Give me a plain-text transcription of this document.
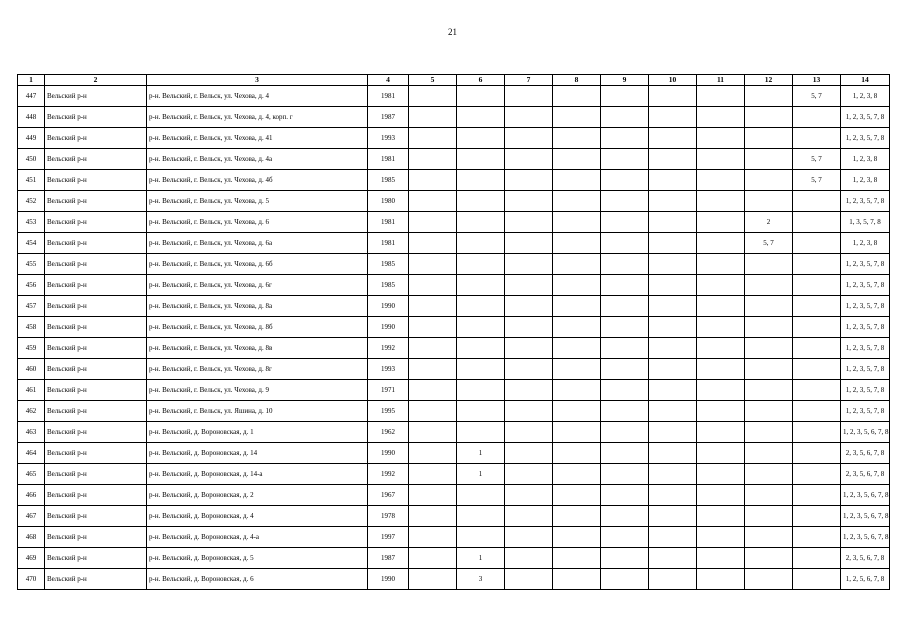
21
1	2	3	4	5	6	7	8	9	10	11	12	13	14
447	Вельский р-н	р-н. Вельский, г. Вельск, ул. Чехова, д. 4	1981									5, 7	1, 2, 3, 8
448	Вельский р-н	р-н. Вельский, г. Вельск, ул. Чехова, д. 4, корп. г	1987										1, 2, 3, 5, 7, 8
449	Вельский р-н	р-н. Вельский, г. Вельск, ул. Чехова, д. 41	1993										1, 2, 3, 5, 7, 8
450	Вельский р-н	р-н. Вельский, г. Вельск, ул. Чехова, д. 4а	1981									5, 7	1, 2, 3, 8
451	Вельский р-н	р-н. Вельский, г. Вельск, ул. Чехова, д. 4б	1985									5, 7	1, 2, 3, 8
452	Вельский р-н	р-н. Вельский, г. Вельск, ул. Чехова, д. 5	1980										1, 2, 3, 5, 7, 8
453	Вельский р-н	р-н. Вельский, г. Вельск, ул. Чехова, д. 6	1981								2		1, 3, 5, 7, 8
454	Вельский р-н	р-н. Вельский, г. Вельск, ул. Чехова, д. 6а	1981								5, 7		1, 2, 3, 8
455	Вельский р-н	р-н. Вельский, г. Вельск, ул. Чехова, д. 6б	1985										1, 2, 3, 5, 7, 8
456	Вельский р-н	р-н. Вельский, г. Вельск, ул. Чехова, д. 6г	1985										1, 2, 3, 5, 7, 8
457	Вельский р-н	р-н. Вельский, г. Вельск, ул. Чехова, д. 8а	1990										1, 2, 3, 5, 7, 8
458	Вельский р-н	р-н. Вельский, г. Вельск, ул. Чехова, д. 8б	1990										1, 2, 3, 5, 7, 8
459	Вельский р-н	р-н. Вельский, г. Вельск, ул. Чехова, д. 8в	1992										1, 2, 3, 5, 7, 8
460	Вельский р-н	р-н. Вельский, г. Вельск, ул. Чехова, д. 8г	1993										1, 2, 3, 5, 7, 8
461	Вельский р-н	р-н. Вельский, г. Вельск, ул. Чехова, д. 9	1971										1, 2, 3, 5, 7, 8
462	Вельский р-н	р-н. Вельский, г. Вельск, ул. Яшина, д. 10	1995										1, 2, 3, 5, 7, 8
463	Вельский р-н	р-н. Вельский, д. Вороновская, д. 1	1962										1, 2, 3, 5, 6, 7, 8
464	Вельский р-н	р-н. Вельский, д. Вороновская, д. 14	1990		1								2, 3, 5, 6, 7, 8
465	Вельский р-н	р-н. Вельский, д. Вороновская, д. 14-а	1992		1								2, 3, 5, 6, 7, 8
466	Вельский р-н	р-н. Вельский, д. Вороновская, д. 2	1967										1, 2, 3, 5, 6, 7, 8
467	Вельский р-н	р-н. Вельский, д. Вороновская, д. 4	1978										1, 2, 3, 5, 6, 7, 8
468	Вельский р-н	р-н. Вельский, д. Вороновская, д. 4-а	1997										1, 2, 3, 5, 6, 7, 8
469	Вельский р-н	р-н. Вельский, д. Вороновская, д. 5	1987		1								2, 3, 5, 6, 7, 8
470	Вельский р-н	р-н. Вельский, д. Вороновская, д. 6	1990		3								1, 2, 5, 6, 7, 8
